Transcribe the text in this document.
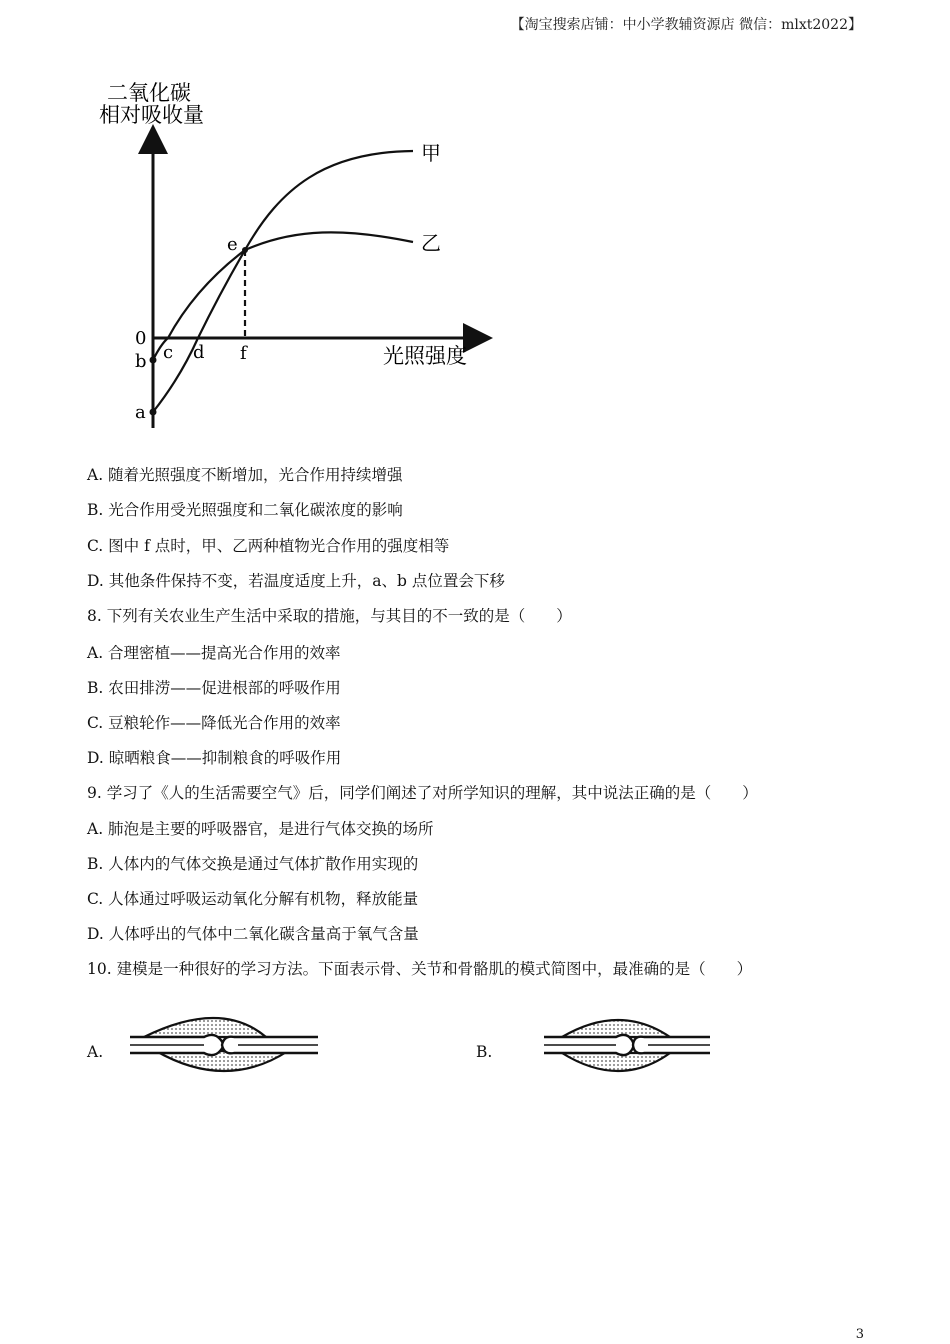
【淘宝搜索店铺：中小学教辅资源店 微信：mlxt2022】
二氧化碳
相对吸收量
光照强度
甲
乙
0
b
a
c d
e
f
A. 随着光照强度不断增加，光合作用持续增强
B. 光合作用受光照强度和二氧化碳浓度的影响
C. 图中 f 点时，甲、乙两种植物光合作用的强度相等
D. 其他条件保持不变，若温度适度上升，a、b 点位置会下移
8. 下列有关农业生产生活中采取的措施，与其目的不一致的是（　　）
A. 合理密植——提高光合作用的效率
B. 农田排涝——促进根部的呼吸作用
C. 豆粮轮作——降低光合作用的效率
D. 晾晒粮食——抑制粮食的呼吸作用
9. 学习了《人的生活需要空气》后，同学们阐述了对所学知识的理解，其中说法正确的是（　　）
A. 肺泡是主要的呼吸器官，是进行气体交换的场所
B. 人体内的气体交换是通过气体扩散作用实现的
C. 人体通过呼吸运动氧化分解有机物，释放能量
D. 人体呼出的气体中二氧化碳含量高于氧气含量
10. 建模是一种很好的学习方法。下面表示骨、关节和骨骼肌的模式简图中，最准确的是（　　）
A.	B.
3
